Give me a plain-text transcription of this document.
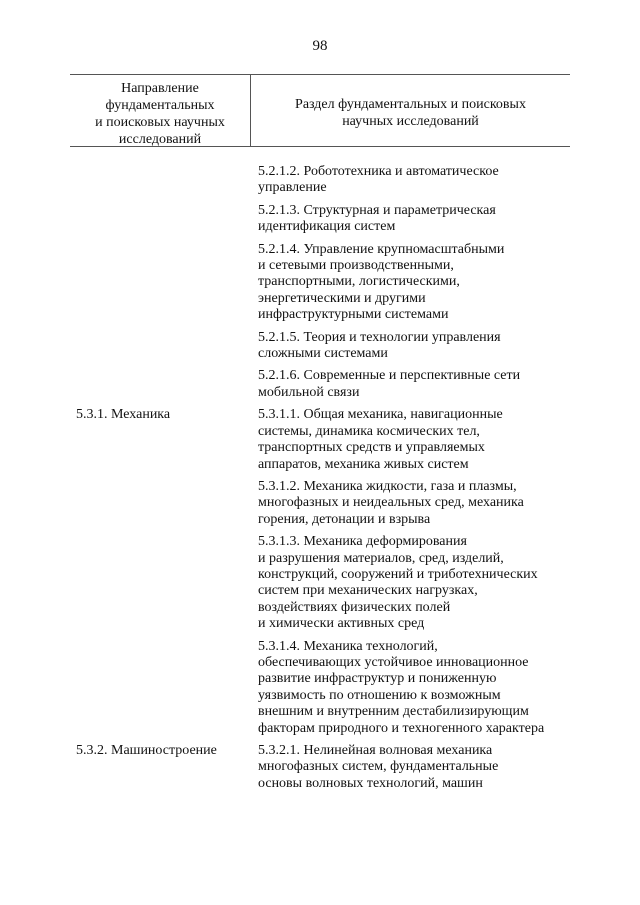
98
Направление
фундаментальных
и поисковых научных
исследований
Раздел фундаментальных и поисковых
научных исследований
5.2.1.2. Робототехника и автоматическое
управление
5.2.1.3. Структурная и параметрическая
идентификация систем
5.2.1.4. Управление крупномасштабными
и сетевыми производственными,
транспортными, логистическими,
энергетическими и другими
инфраструктурными системами
5.2.1.5. Теория и технологии управления
сложными системами
5.2.1.6. Современные и перспективные сети
мобильной связи
5.3.1. Механика	5.3.1.1. Общая механика, навигационные
системы, динамика космических тел,
транспортных средств и управляемых
аппаратов, механика живых систем
5.3.1.2. Механика жидкости, газа и плазмы,
многофазных и неидеальных сред, механика
горения, детонации и взрыва
5.3.1.3. Механика деформирования
и разрушения материалов, сред, изделий,
конструкций, сооружений и триботехнических
систем при механических нагрузках,
воздействиях физических полей
и химически активных сред
5.3.1.4. Механика технологий,
обеспечивающих устойчивое инновационное
развитие инфраструктур и пониженную
уязвимость по отношению к возможным
внешним и внутренним дестабилизирующим
факторам природного и техногенного характера
5.3.2. Машиностроение	5.3.2.1. Нелинейная волновая механика
многофазных систем, фундаментальные
основы волновых технологий, машин
